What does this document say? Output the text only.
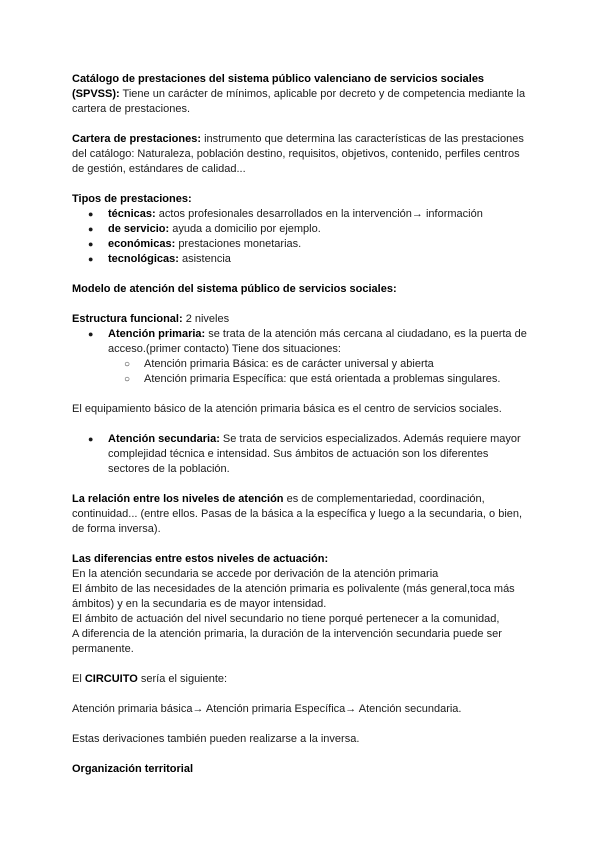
Catálogo de prestaciones del sistema público valenciano de servicios sociales (SPVSS): Tiene un carácter de mínimos, aplicable por decreto y de competencia mediante la cartera de prestaciones.

Cartera de prestaciones: instrumento que determina las características de las prestaciones del catálogo: Naturaleza, población destino, requisitos, objetivos, contenido, perfiles centros de gestión, estándares de calidad...

Tipos de prestaciones:

● técnicas: actos profesionales desarrollados en la intervención→ información
● de servicio: ayuda a domicilio por ejemplo.
● económicas: prestaciones monetarias.
● tecnológicas: asistencia

Modelo de atención del sistema público de servicios sociales:

Estructura funcional: 2 niveles

● Atención primaria: se trata de la atención más cercana al ciudadano, es la puerta de acceso.(primer contacto) Tiene dos situaciones:
○ Atención primaria Básica: es de carácter universal y abierta
○ Atención primaria Específica: que está orientada a problemas singulares.

El equipamiento básico de la atención primaria básica es el centro de servicios sociales.

● Atención secundaria: Se trata de servicios especializados. Además requiere mayor complejidad técnica e intensidad. Sus ámbitos de actuación son los diferentes sectores de la población.

La relación entre los niveles de atención es de complementariedad, coordinación, continuidad... (entre ellos. Pasas de la básica a la específica y luego a la secundaria, o bien, de forma inversa).

Las diferencias entre estos niveles de actuación:

En la atención secundaria se accede por derivación de la atención primaria

El ámbito de las necesidades de la atención primaria es polivalente (más general,toca más ámbitos) y en la secundaria es de mayor intensidad.

El ámbito de actuación del nivel secundario no tiene porqué pertenecer a la comunidad,

A diferencia de la atención primaria, la duración de la intervención secundaria puede ser permanente.

El CIRCUITO sería el siguiente:

Atención primaria básica→ Atención primaria Específica→ Atención secundaria.

Estas derivaciones también pueden realizarse a la inversa.

Organización territorial
